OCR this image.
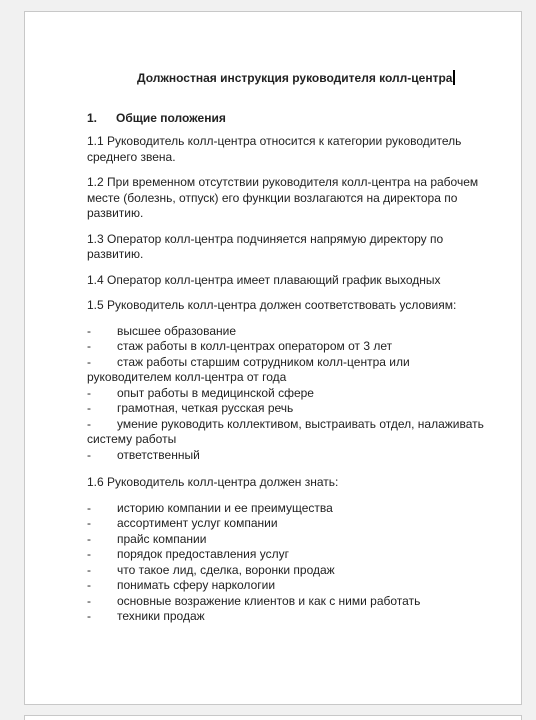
Должностная инструкция руководителя колл-центра
1.	Общие положения
1.1 Руководитель колл-центра относится к категории руководитель среднего звена.
1.2 При временном отсутствии руководителя колл-центра на рабочем месте (болезнь, отпуск) его функции возлагаются на директора по развитию.
1.3 Оператор колл-центра подчиняется напрямую директору по развитию.
1.4 Оператор колл-центра имеет плавающий график выходных
1.5 Руководитель колл-центра должен соответствовать условиям:
- высшее образование
- стаж работы в колл-центрах оператором от 3 лет
- стаж работы старшим сотрудником колл-центра или руководителем колл-центра от года
- опыт работы в медицинской сфере
- грамотная, четкая русская речь
- умение руководить коллективом, выстраивать отдел, налаживать систему работы
- ответственный
1.6 Руководитель колл-центра должен знать:
- историю компании и ее преимущества
- ассортимент услуг компании
- прайс компании
- порядок предоставления услуг
- что такое лид, сделка, воронки продаж
- понимать сферу наркологии
- основные возражение клиентов и как с ними работать
- техники продаж
